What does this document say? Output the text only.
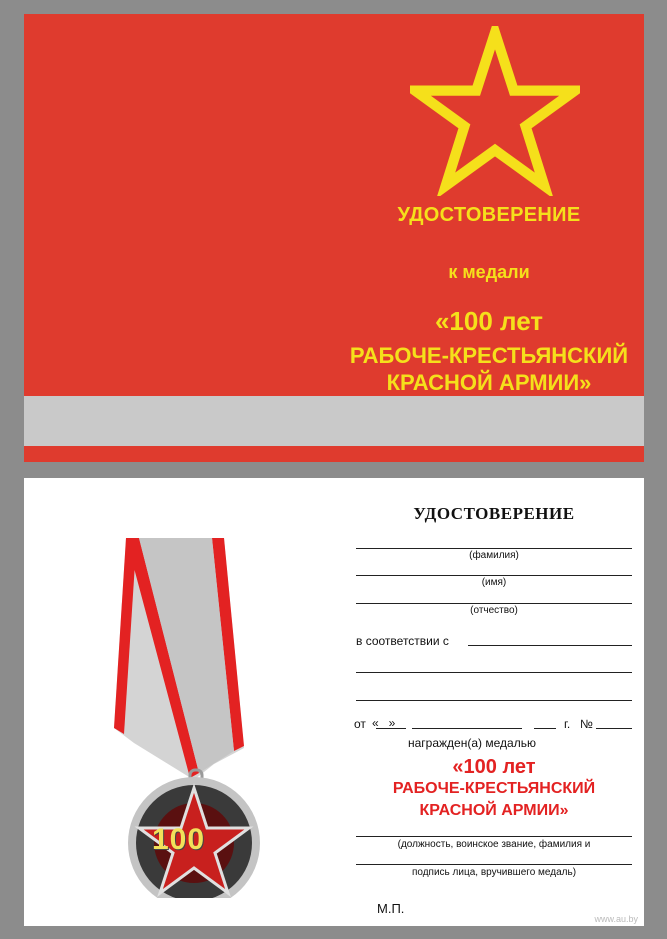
УДОСТОВЕРЕНИЕ
к медали
«100 лет
РАБОЧЕ-КРЕСТЬЯНСКИЙ
КРАСНОЙ АРМИИ»
100
УДОСТОВЕРЕНИЕ
(фамилия)
(имя)
(отчество)
в соответствии с
от «   »	г. №
награжден(а) медалью
«100 лет
РАБОЧЕ-КРЕСТЬЯНСКИЙ
КРАСНОЙ АРМИИ»
(должность, воинское звание, фамилия и
подпись лица, вручившего медаль)
М.П.
www.au.by
